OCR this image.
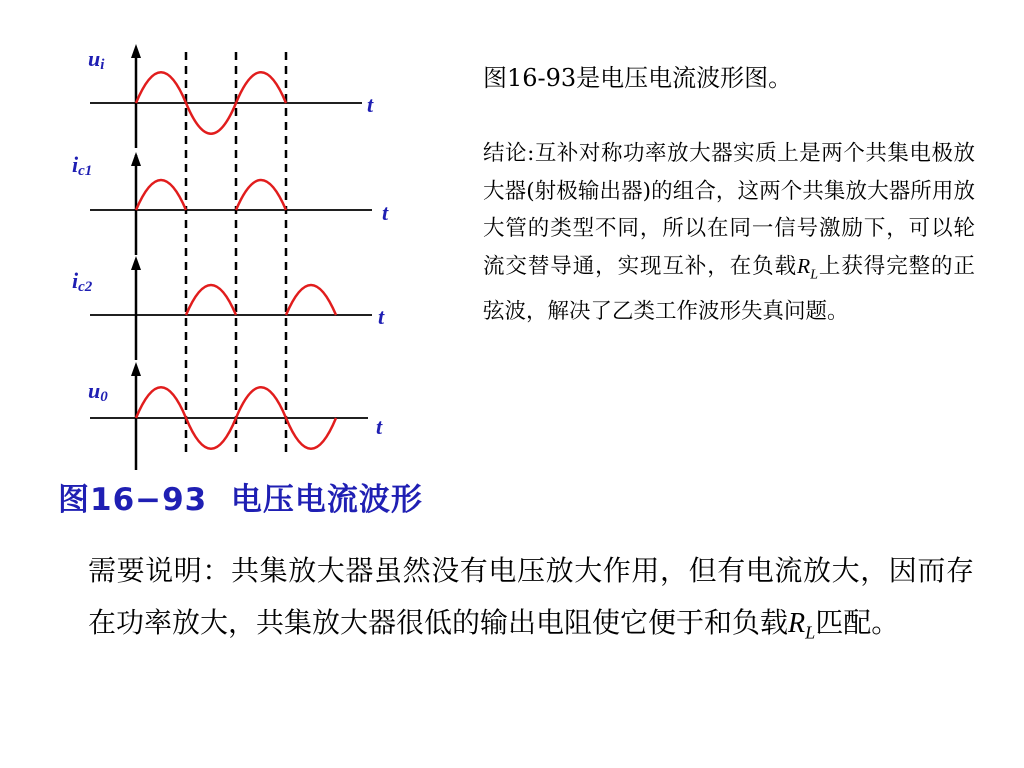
ui
t
ic1
t
ic2
t
u0
t
图16−93  电压电流波形
图16-93是电压电流波形图。
结论:互补对称功率放大器实质上是两个共集电极放大器(射极输出器)的组合，这两个共集放大器所用放大管的类型不同，所以在同一信号激励下，可以轮流交替导通，实现互补，在负载$R_L$上获得完整的正弦波，解决了乙类工作波形失真问题。
需要说明：共集放大器虽然没有电压放大作用，但有电流放大，因而存在功率放大，共集放大器很低的输出电阻使它便于和负载$R_L$匹配。
